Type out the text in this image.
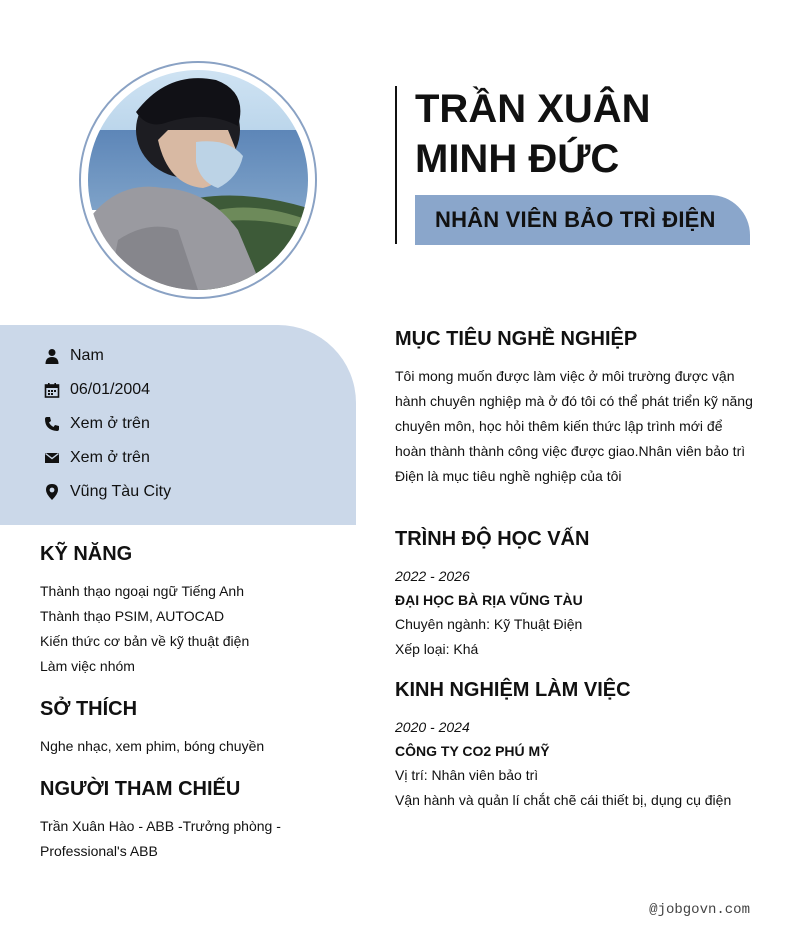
TRẦN XUÂN MINH ĐỨC
NHÂN VIÊN BẢO TRÌ ĐIỆN
Nam
06/01/2004
Xem ở trên
Xem ở trên
Vũng Tàu City
KỸ NĂNG
Thành thạo ngoại ngữ Tiếng Anh
Thành thạo PSIM, AUTOCAD
Kiến thức cơ bản về kỹ thuật điện
Làm việc nhóm
SỞ THÍCH
Nghe nhạc, xem phim, bóng chuyền
NGƯỜI THAM CHIẾU
Trần Xuân Hào - ABB -Trưởng phòng - Professional's ABB
MỤC TIÊU NGHỀ NGHIỆP
Tôi mong muốn được làm việc ở môi trường được vận hành chuyên nghiệp mà ở đó tôi có thể phát triển kỹ năng chuyên môn, học hỏi thêm kiến thức lập trình mới để hoàn thành thành công việc được giao.Nhân viên bảo trì Điện là mục tiêu nghề nghiệp của tôi
TRÌNH ĐỘ HỌC VẤN
2022 - 2026
ĐẠI HỌC BÀ RỊA VŨNG TÀU
Chuyên ngành: Kỹ Thuật Điện
Xếp loại: Khá
KINH NGHIỆM LÀM VIỆC
2020 - 2024
CÔNG TY CO2 PHÚ MỸ
Vị trí: Nhân viên bảo trì
Vận hành và quản lí chắt chẽ cái thiết bị, dụng cụ điện
@jobgovn.com
